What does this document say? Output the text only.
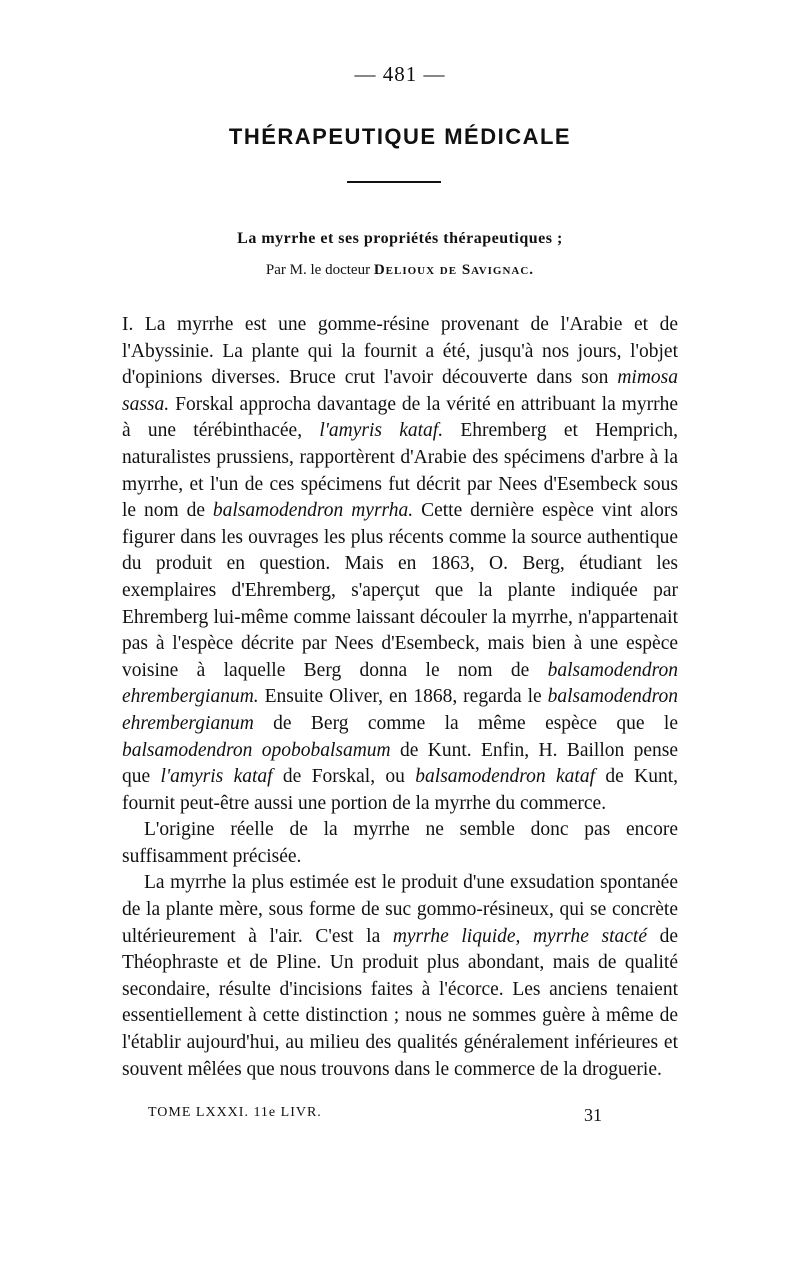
— 481 —
THÉRAPEUTIQUE MÉDICALE
La myrrhe et ses propriétés thérapeutiques ;
Par M. le docteur Delioux de Savignac.

I. La myrrhe est une gomme-résine provenant de l'Arabie et de l'Abyssinie. La plante qui la fournit a été, jusqu'à nos jours, l'objet d'opinions diverses. Bruce crut l'avoir découverte dans son mimosa sassa. Forskal approcha davantage de la vérité en attribuant la myrrhe à une térébinthacée, l'amyris kataf. Ehremberg et Hemprich, naturalistes prussiens, rapportèrent d'Arabie des spécimens d'arbre à la myrrhe, et l'un de ces spécimens fut décrit par Nees d'Esembeck sous le nom de balsamodendron myrrha. Cette dernière espèce vint alors figurer dans les ouvrages les plus récents comme la source authentique du produit en question. Mais en 1863, O. Berg, étudiant les exemplaires d'Ehremberg, s'aperçut que la plante indiquée par Ehremberg lui-même comme laissant découler la myrrhe, n'appartenait pas à l'espèce décrite par Nees d'Esembeck, mais bien à une espèce voisine à laquelle Berg donna le nom de balsamodendron ehrembergianum. Ensuite Oliver, en 1868, regarda le balsamodendron ehrembergianum de Berg comme la même espèce que le balsamodendron opobobalsamum de Kunt. Enfin, H. Baillon pense que l'amyris kataf de Forskal, ou balsamodendron kataf de Kunt, fournit peut-être aussi une portion de la myrrhe du commerce.

L'origine réelle de la myrrhe ne semble donc pas encore suffisamment précisée.

La myrrhe la plus estimée est le produit d'une exsudation spontanée de la plante mère, sous forme de suc gommo-résineux, qui se concrète ultérieurement à l'air. C'est la myrrhe liquide, myrrhe stacté de Théophraste et de Pline. Un produit plus abondant, mais de qualité secondaire, résulte d'incisions faites à l'écorce. Les anciens tenaient essentiellement à cette distinction ; nous ne sommes guère à même de l'établir aujourd'hui, au milieu des qualités généralement inférieures et souvent mêlées que nous trouvons dans le commerce de la droguerie.

TOME LXXXI. 11e LIVR.	31
